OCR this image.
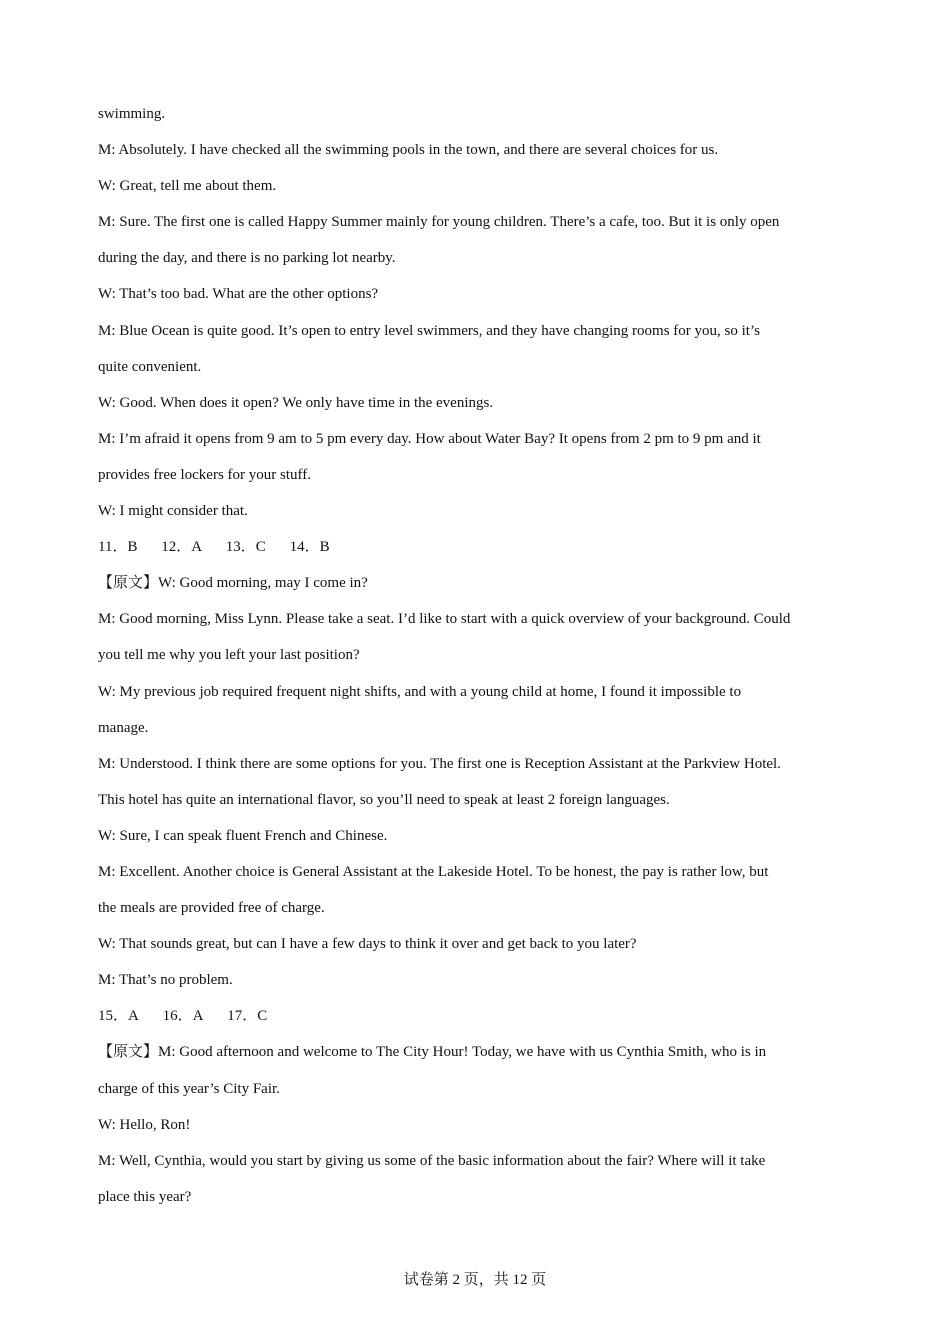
swimming.
M: Absolutely. I have checked all the swimming pools in the town, and there are several choices for us.
W: Great, tell me about them.
M: Sure. The first one is called Happy Summer mainly for young children. There’s a cafe, too. But it is only open
during the day, and there is no parking lot nearby.
W: That’s too bad. What are the other options?
M: Blue Ocean is quite good. It’s open to entry level swimmers, and they have changing rooms for you, so it’s
quite convenient.
W: Good. When does it open? We only have time in the evenings.
M: I’m afraid it opens from 9 am to 5 pm every day. How about Water Bay? It opens from 2 pm to 9 pm and it
provides free lockers for your stuff.
W: I might consider that.
11．B 12．A 13．C 14．B
【原文】W: Good morning, may I come in?
M: Good morning, Miss Lynn. Please take a seat. I’d like to start with a quick overview of your background. Could
you tell me why you left your last position?
W: My previous job required frequent night shifts, and with a young child at home, I found it impossible to
manage.
M: Understood. I think there are some options for you. The first one is Reception Assistant at the Parkview Hotel.
This hotel has quite an international flavor, so you’ll need to speak at least 2 foreign languages.
W: Sure, I can speak fluent French and Chinese.
M: Excellent. Another choice is General Assistant at the Lakeside Hotel. To be honest, the pay is rather low, but
the meals are provided free of charge.
W: That sounds great, but can I have a few days to think it over and get back to you later?
M: That’s no problem.
15．A 16．A 17．C
【原文】M: Good afternoon and welcome to The City Hour! Today, we have with us Cynthia Smith, who is in
charge of this year’s City Fair.
W: Hello, Ron!
M: Well, Cynthia, would you start by giving us some of the basic information about the fair? Where will it take
place this year?
试卷第 2 页，共 12 页
